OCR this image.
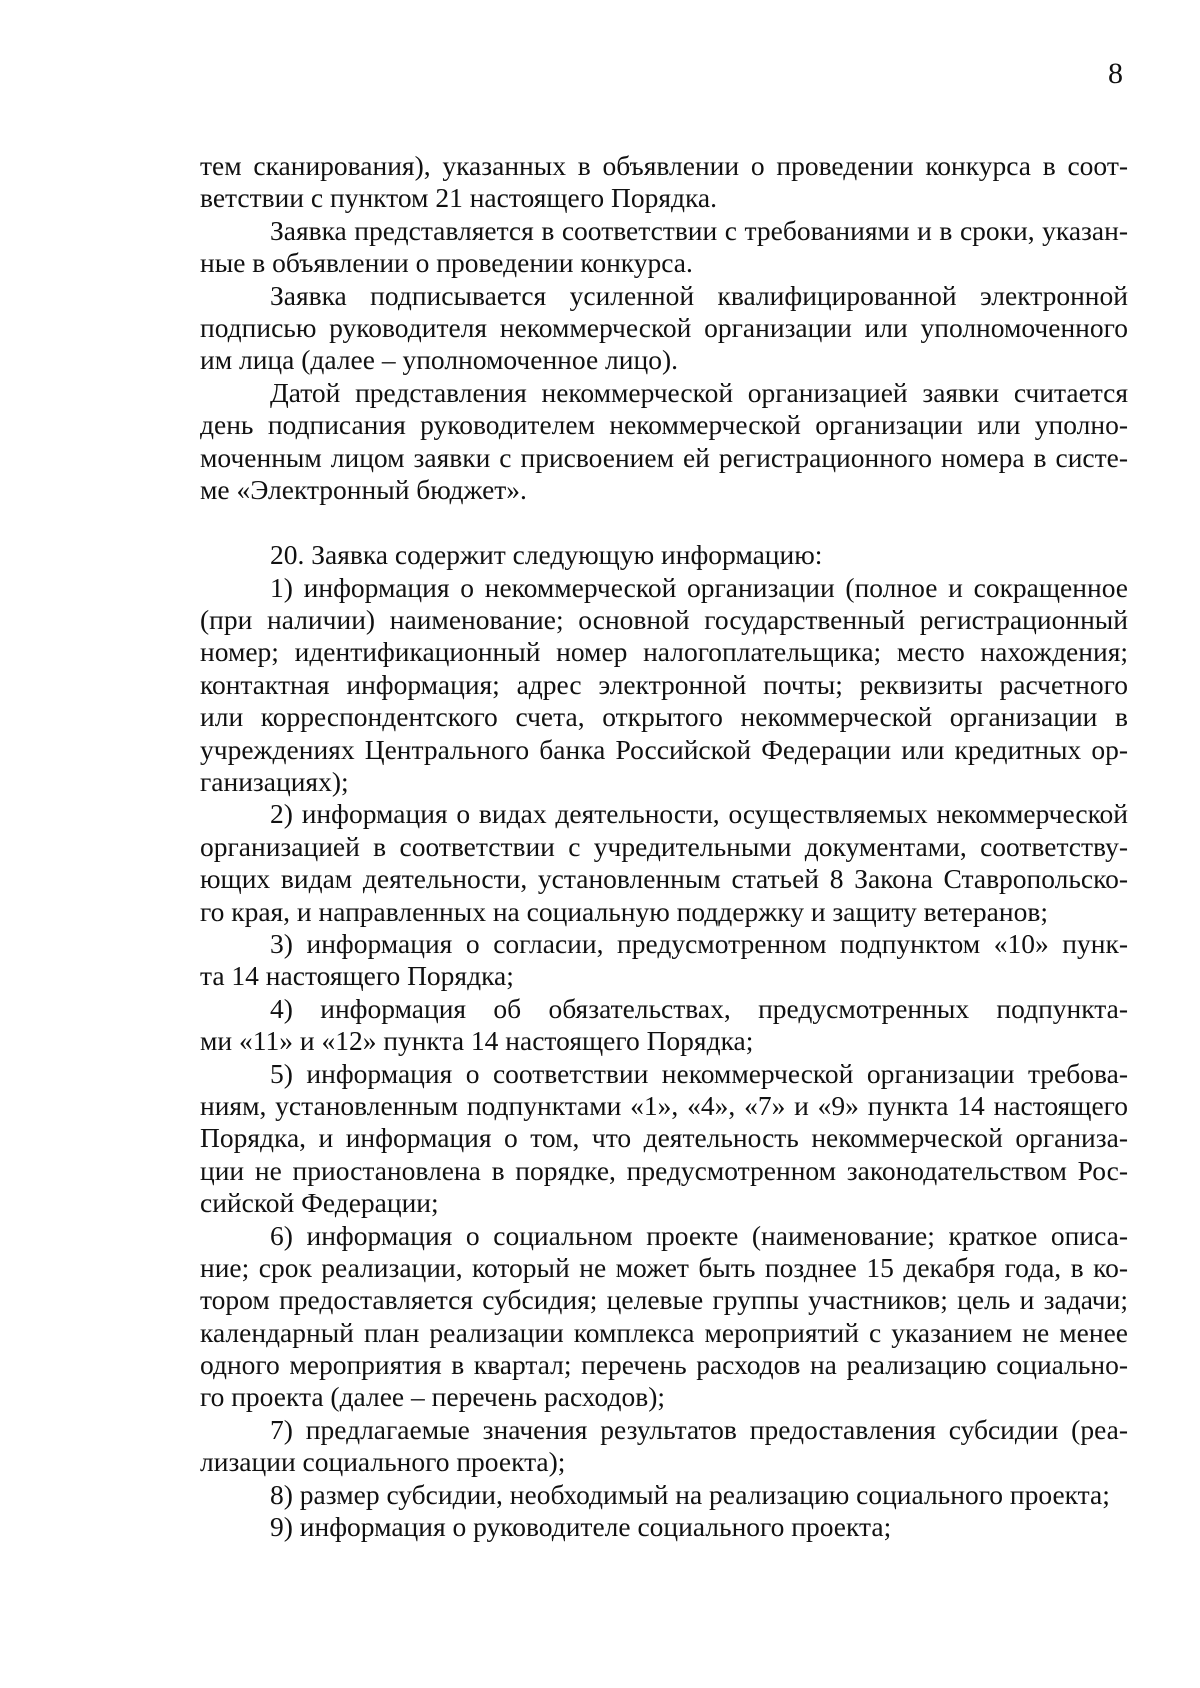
8
тем сканирования), указанных в объявлении о проведении конкурса в соот-
ветствии с пунктом 21 настоящего Порядка.
Заявка представляется в соответствии с требованиями и в сроки, указан-
ные в объявлении о проведении конкурса.
Заявка подписывается усиленной квалифицированной электронной
подписью руководителя некоммерческой организации или уполномоченного
им лица (далее – уполномоченное лицо).
Датой представления некоммерческой организацией заявки считается
день подписания руководителем некоммерческой организации или уполно-
моченным лицом заявки с присвоением ей регистрационного номера в систе-
ме «Электронный бюджет».
20. Заявка содержит следующую информацию:
1) информация о некоммерческой организации (полное и сокращенное
(при наличии) наименование; основной государственный регистрационный
номер; идентификационный номер налогоплательщика; место нахождения;
контактная информация; адрес электронной почты; реквизиты расчетного
или корреспондентского счета, открытого некоммерческой организации в
учреждениях Центрального банка Российской Федерации или кредитных ор-
ганизациях);
2) информация о видах деятельности, осуществляемых некоммерческой
организацией в соответствии с учредительными документами, соответству-
ющих видам деятельности, установленным статьей 8 Закона Ставропольско-
го края, и направленных на социальную поддержку и защиту ветеранов;
3) информация о согласии, предусмотренном подпунктом «10» пунк-
та 14 настоящего Порядка;
4) информация об обязательствах, предусмотренных подпункта-
ми «11» и «12» пункта 14 настоящего Порядка;
5) информация о соответствии некоммерческой организации требова-
ниям, установленным подпунктами «1», «4», «7» и «9» пункта 14 настоящего
Порядка, и информация о том, что деятельность некоммерческой организа-
ции не приостановлена в порядке, предусмотренном законодательством Рос-
сийской Федерации;
6) информация о социальном проекте (наименование; краткое описа-
ние; срок реализации, который не может быть позднее 15 декабря года, в ко-
тором предоставляется субсидия; целевые группы участников; цель и задачи;
календарный план реализации комплекса мероприятий с указанием не менее
одного мероприятия в квартал; перечень расходов на реализацию социально-
го проекта (далее – перечень расходов);
7) предлагаемые значения результатов предоставления субсидии (реа-
лизации социального проекта);
8) размер субсидии, необходимый на реализацию социального проекта;
9) информация о руководителе социального проекта;
